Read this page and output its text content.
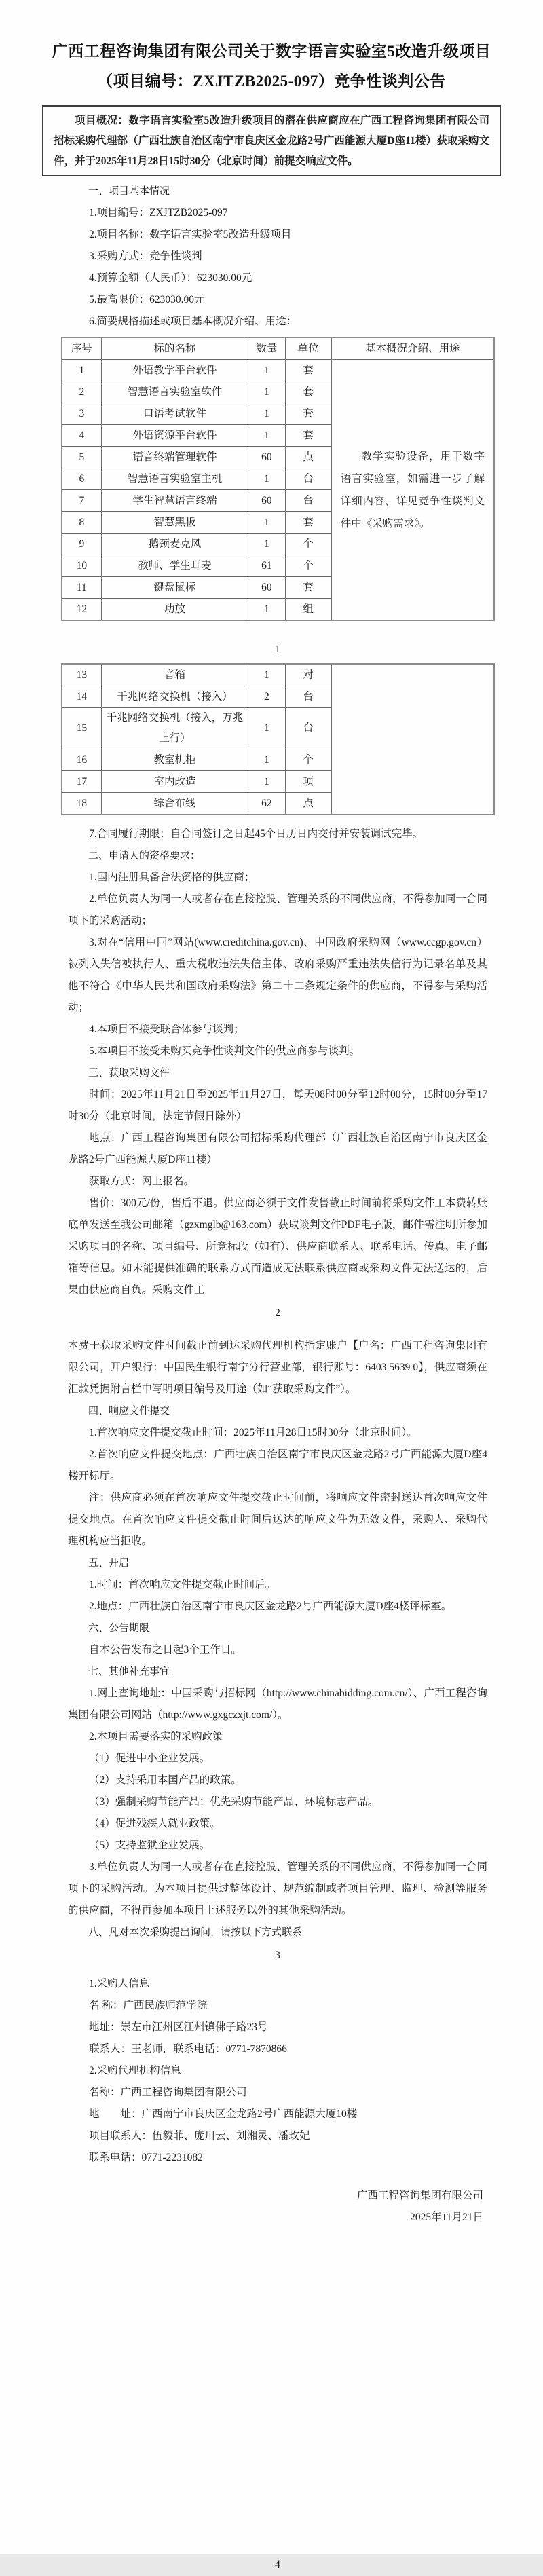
广西工程咨询集团有限公司关于数字语言实验室5改造升级项目
（项目编号：ZXJTZB2025-097）竞争性谈判公告
项目概况：数字语言实验室5改造升级项目的潜在供应商应在广西工程咨询集团有限公司招标采购代理部（广西壮族自治区南宁市良庆区金龙路2号广西能源大厦D座11楼）获取采购文件，并于2025年11月28日15时30分（北京时间）前提交响应文件。

一、项目基本情况

1.项目编号：ZXJTZB2025-097

2.项目名称：数字语言实验室5改造升级项目

3.采购方式：竞争性谈判

4.预算金额（人民币）：623030.00元

5.最高限价：623030.00元

6.简要规格描述或项目基本概况介绍、用途：

序号	标的名称	数量	单位	基本概况介绍、用途
1	外语教学平台软件	1	套	教学实验设备，用于数字语言实验室，如需进一步了解详细内容，详见竞争性谈判文件中《采购需求》。
2	智慧语言实验室软件	1	套	
3	口语考试软件	1	套	
4	外语资源平台软件	1	套	
5	语音终端管理软件	60	点	
6	智慧语言实验室主机	1	台	
7	学生智慧语言终端	60	台	
8	智慧黑板	1	套	
9	鹅颈麦克风	1	个	
10	教师、学生耳麦	61	个	
11	键盘鼠标	60	套	
12	功放	1	组	

1

13	音箱	1	对	
14	千兆网络交换机（接入）	2	台	
15	千兆网络交换机（接入，万兆上行）	1	台	
16	教室机柜	1	个	
17	室内改造	1	项	
18	综合布线	62	点	

7.合同履行期限：自合同签订之日起45个日历日内交付并安装调试完毕。

二、申请人的资格要求：

1.国内注册具备合法资格的供应商；

2.单位负责人为同一人或者存在直接控股、管理关系的不同供应商，不得参加同一合同项下的采购活动；

3.对在“信用中国”网站(www.creditchina.gov.cn)、中国政府采购网（www.ccgp.gov.cn）被列入失信被执行人、重大税收违法失信主体、政府采购严重违法失信行为记录名单及其他不符合《中华人民共和国政府采购法》第二十二条规定条件的供应商，不得参与采购活动；

4.本项目不接受联合体参与谈判；

5.本项目不接受未购买竞争性谈判文件的供应商参与谈判。

三、获取采购文件

时间：2025年11月21日至2025年11月27日，每天08时00分至12时00分，15时00分至17时30分（北京时间，法定节假日除外）

地点：广西工程咨询集团有限公司招标采购代理部（广西壮族自治区南宁市良庆区金龙路2号广西能源大厦D座11楼）

获取方式：网上报名。

售价：300元/份，售后不退。供应商必须于文件发售截止时间前将采购文件工本费转账底单发送至我公司邮箱（gzxmglb@163.com）获取谈判文件PDF电子版，邮件需注明所参加采购项目的名称、项目编号、所竞标段（如有）、供应商联系人、联系电话、传真、电子邮箱等信息。如未能提供准确的联系方式而造成无法联系供应商或采购文件无法送达的，后果由供应商自负。采购文件工

2

本费于获取采购文件时间截止前到达采购代理机构指定账户【户名：广西工程咨询集团有限公司，开户银行：中国民生银行南宁分行营业部，银行账号：6403 5639 0】，供应商须在汇款凭据附言栏中写明项目编号及用途（如“获取采购文件”）。

四、响应文件提交

1.首次响应文件提交截止时间：2025年11月28日15时30分（北京时间）。

2.首次响应文件提交地点：广西壮族自治区南宁市良庆区金龙路2号广西能源大厦D座4楼开标厅。

注：供应商必须在首次响应文件提交截止时间前，将响应文件密封送达首次响应文件提交地点。在首次响应文件提交截止时间后送达的响应文件为无效文件，采购人、采购代理机构应当拒收。

五、开启

1.时间：首次响应文件提交截止时间后。

2.地点：广西壮族自治区南宁市良庆区金龙路2号广西能源大厦D座4楼评标室。

六、公告期限

自本公告发布之日起3个工作日。

七、其他补充事宜

1.网上查询地址：中国采购与招标网（http://www.chinabidding.com.cn/）、广西工程咨询集团有限公司网站（http://www.gxgczxjt.com/）。

2.本项目需要落实的采购政策

（1）促进中小企业发展。

（2）支持采用本国产品的政策。

（3）强制采购节能产品；优先采购节能产品、环境标志产品。

（4）促进残疾人就业政策。

（5）支持监狱企业发展。

3.单位负责人为同一人或者存在直接控股、管理关系的不同供应商，不得参加同一合同项下的采购活动。为本项目提供过整体设计、规范编制或者项目管理、监理、检测等服务的供应商，不得再参加本项目上述服务以外的其他采购活动。

八、凡对本次采购提出询问，请按以下方式联系

3

1.采购人信息

名 称：广西民族师范学院

地址：崇左市江州区江州镇佛子路23号

联系人：王老师，联系电话：0771-7870866

2.采购代理机构信息

名称：广西工程咨询集团有限公司

地　　址：广西南宁市良庆区金龙路2号广西能源大厦10楼

项目联系人：伍毅菲、庞川云、刘湘灵、潘玫妃

联系电话：0771-2231082

广西工程咨询集团有限公司

2025年11月21日

4
